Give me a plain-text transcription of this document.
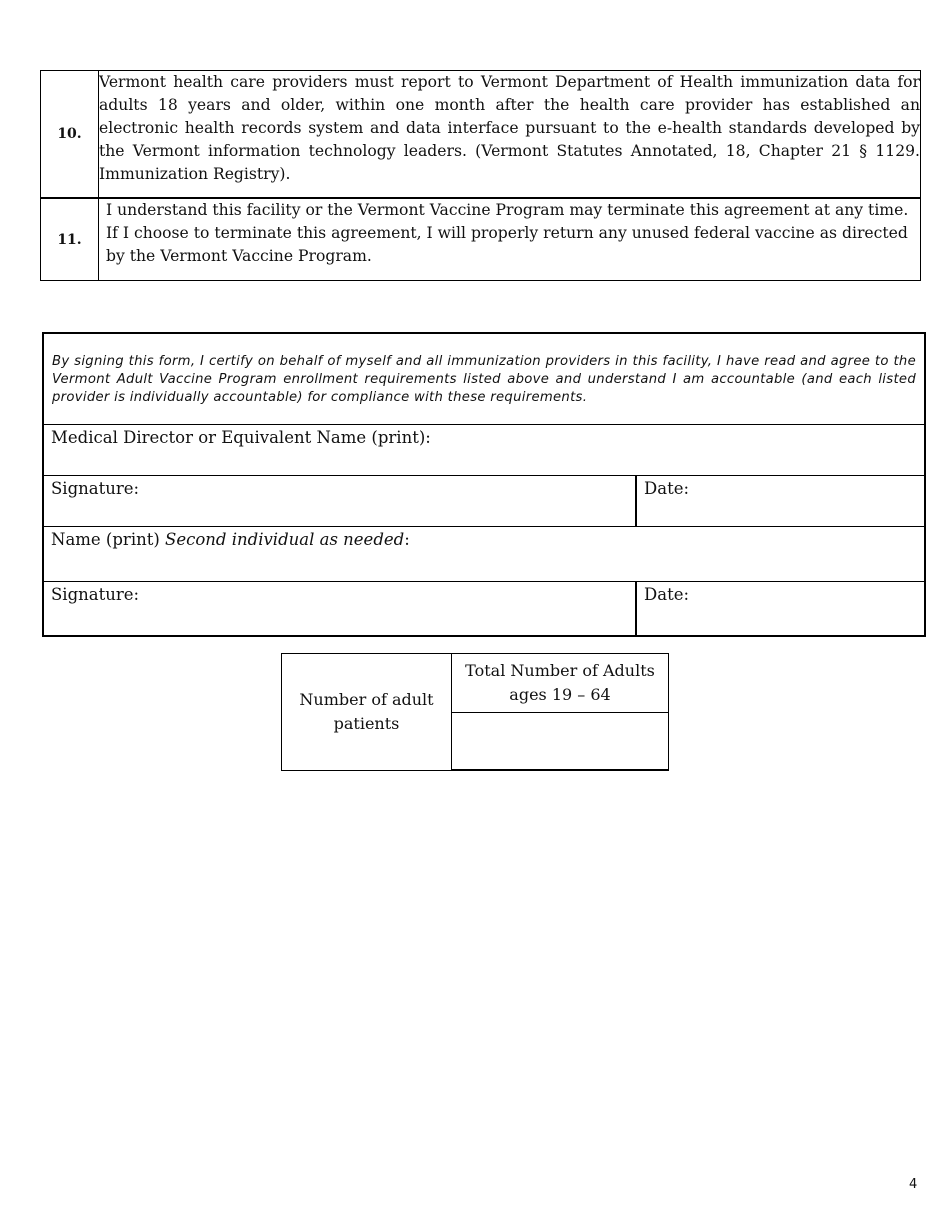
10.	Vermont health care providers must report to Vermont Department of Health immunization data for adults 18 years and older, within one month after the health care provider has established an electronic health records system and data interface pursuant to the e-health standards developed by the Vermont information technology leaders. (Vermont Statutes Annotated, 18, Chapter 21 § 1129. Immunization Registry).
11.	I understand this facility or the Vermont Vaccine Program may terminate this agreement at any time. If I choose to terminate this agreement, I will properly return any unused federal vaccine as directed by the Vermont Vaccine Program.
By signing this form, I certify on behalf of myself and all immunization providers in this facility, I have read and agree to the Vermont Adult Vaccine Program enrollment requirements listed above and understand I am accountable (and each listed provider is individually accountable) for compliance with these requirements.
Medical Director or Equivalent Name (print):
Signature:	Date:
Name (print) Second individual as needed:
Signature:	Date:
Number of adult patients	Total Number of Adults ages 19 – 64

4
